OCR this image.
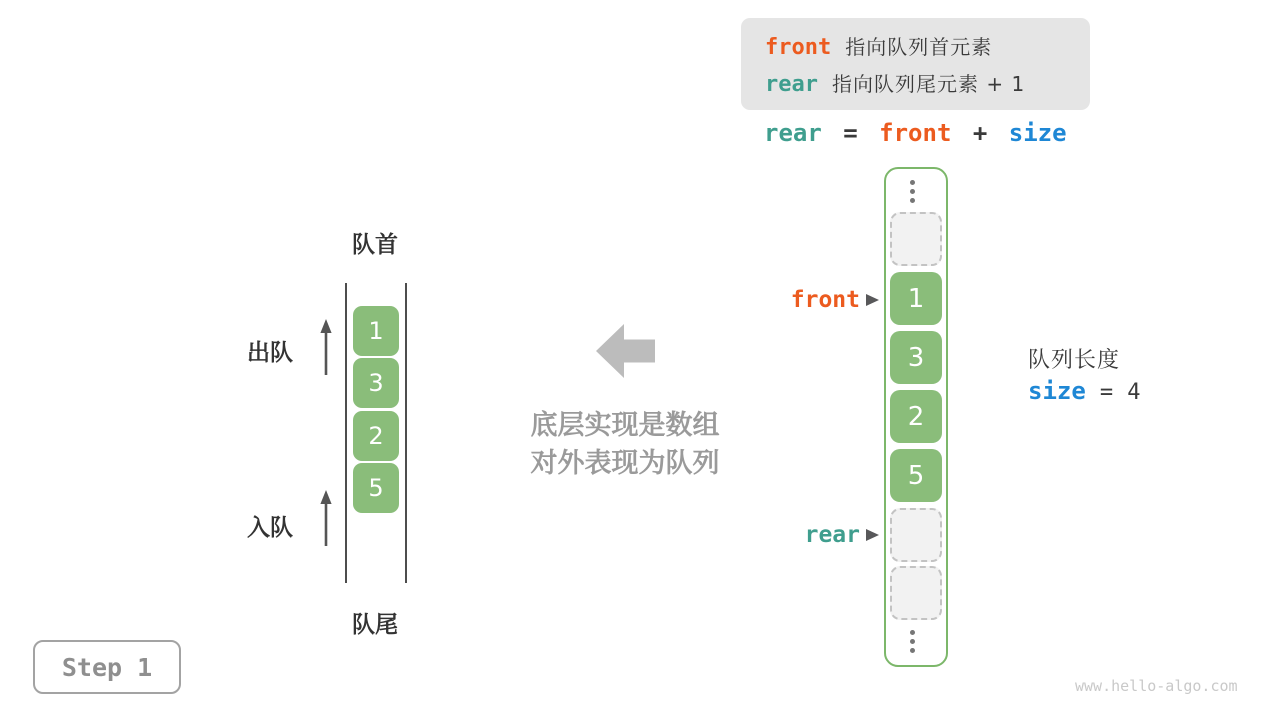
front 指向队列首元素
rear 指向队列尾元素 + 1
rear = front + size
队首
1
3
2
5
出队
入队
队尾
底层实现是数组
对外表现为队列
1
3
2
5
front
rear
队列长度
size = 4
Step 1
www.hello-algo.com
